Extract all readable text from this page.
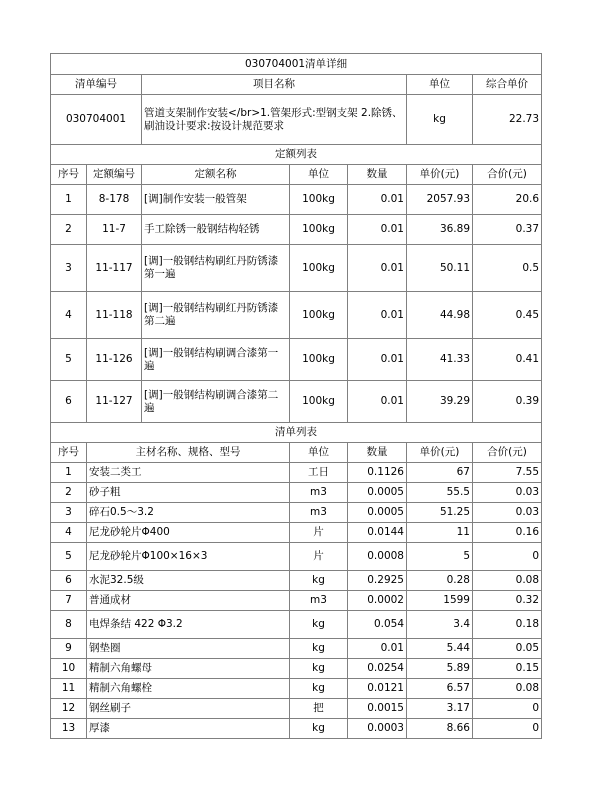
030704001清单详细						
清单编号		项目名称			单位	综合单价
030704001		管道支架制作安装</br>1.管架形式:型钢支架 2.除锈、刷油设计要求:按设计规范要求			kg	22.73
定额列表						
序号	定额编号	定额名称	单位	数量	单价(元)	合价(元)
1	8-178	[调]制作安装一般管架	100kg	0.01	2057.93	20.6
2	11-7	手工除锈一般钢结构轻锈	100kg	0.01	36.89	0.37
3	11-117	[调]一般钢结构刷红丹防锈漆第一遍	100kg	0.01	50.11	0.5
4	11-118	[调]一般钢结构刷红丹防锈漆第二遍	100kg	0.01	44.98	0.45
5	11-126	[调]一般钢结构刷调合漆第一遍	100kg	0.01	41.33	0.41
6	11-127	[调]一般钢结构刷调合漆第二遍	100kg	0.01	39.29	0.39
清单列表						
序号	主材名称、规格、型号		单位	数量	单价(元)	合价(元)
1	安装二类工		工日	0.1126	67	7.55
2	砂子粗		m3	0.0005	55.5	0.03
3	碎石0.5～3.2		m3	0.0005	51.25	0.03
4	尼龙砂轮片Φ400		片	0.0144	11	0.16
5	尼龙砂轮片Φ100×16×3		片	0.0008	5	0
6	水泥32.5级		kg	0.2925	0.28	0.08
7	普通成材		m3	0.0002	1599	0.32
8	电焊条结 422 Φ3.2		kg	0.054	3.4	0.18
9	钢垫圈		kg	0.01	5.44	0.05
10	精制六角螺母		kg	0.0254	5.89	0.15
11	精制六角螺栓		kg	0.0121	6.57	0.08
12	钢丝刷子		把	0.0015	3.17	0
13	厚漆		kg	0.0003	8.66	0
